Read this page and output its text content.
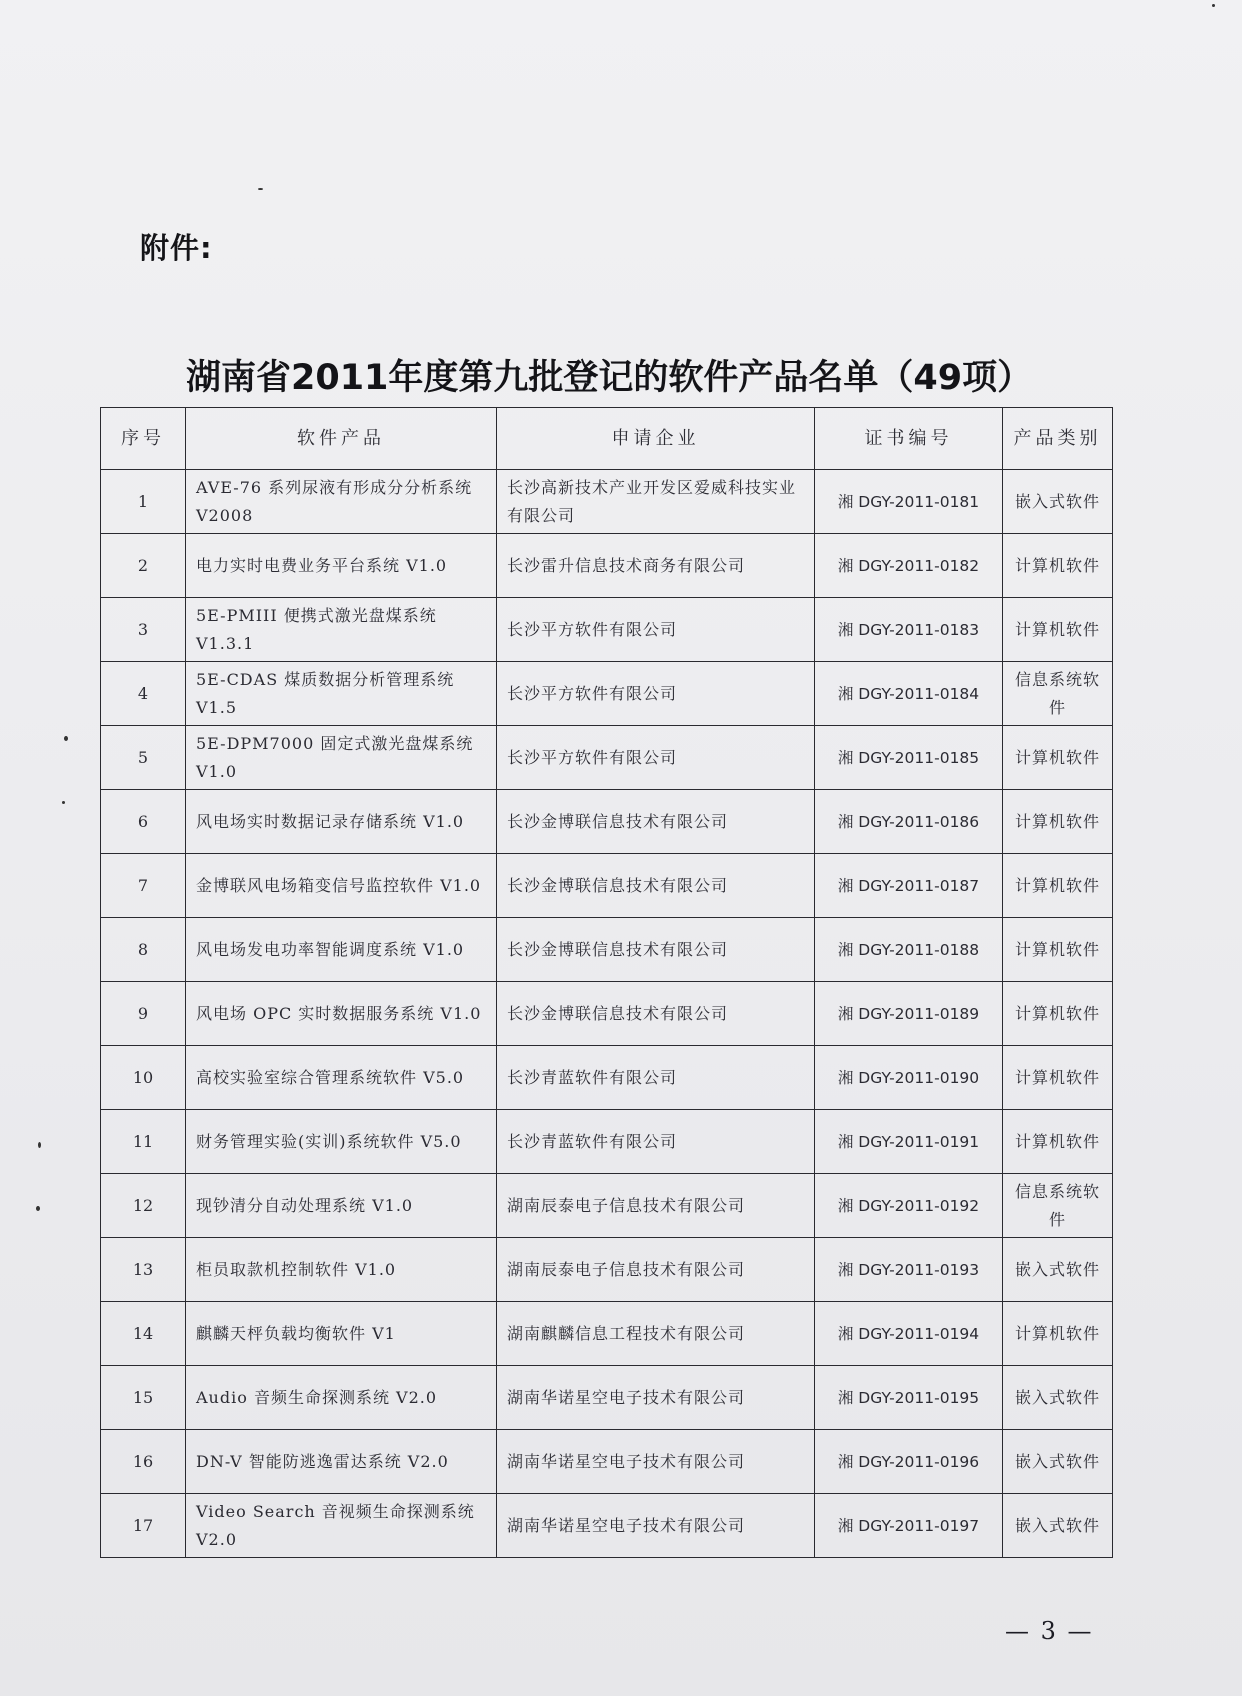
附件:
湖南省2011年度第九批登记的软件产品名单（49项）
序号	软件产品	申请企业	证书编号	产品类别
1	AVE-76 系列尿液有形成分分析系统 V2008	长沙高新技术产业开发区爱威科技实业有限公司	湘 DGY-2011-0181	嵌入式软件
2	电力实时电费业务平台系统 V1.0	长沙雷升信息技术商务有限公司	湘 DGY-2011-0182	计算机软件
3	5E-PMIII 便携式激光盘煤系统 V1.3.1	长沙平方软件有限公司	湘 DGY-2011-0183	计算机软件
4	5E-CDAS 煤质数据分析管理系统 V1.5	长沙平方软件有限公司	湘 DGY-2011-0184	信息系统软件
5	5E-DPM7000 固定式激光盘煤系统 V1.0	长沙平方软件有限公司	湘 DGY-2011-0185	计算机软件
6	风电场实时数据记录存储系统 V1.0	长沙金博联信息技术有限公司	湘 DGY-2011-0186	计算机软件
7	金博联风电场箱变信号监控软件 V1.0	长沙金博联信息技术有限公司	湘 DGY-2011-0187	计算机软件
8	风电场发电功率智能调度系统 V1.0	长沙金博联信息技术有限公司	湘 DGY-2011-0188	计算机软件
9	风电场 OPC 实时数据服务系统 V1.0	长沙金博联信息技术有限公司	湘 DGY-2011-0189	计算机软件
10	高校实验室综合管理系统软件 V5.0	长沙青蓝软件有限公司	湘 DGY-2011-0190	计算机软件
11	财务管理实验(实训)系统软件 V5.0	长沙青蓝软件有限公司	湘 DGY-2011-0191	计算机软件
12	现钞清分自动处理系统 V1.0	湖南辰泰电子信息技术有限公司	湘 DGY-2011-0192	信息系统软件
13	柜员取款机控制软件 V1.0	湖南辰泰电子信息技术有限公司	湘 DGY-2011-0193	嵌入式软件
14	麒麟天枰负载均衡软件 V1	湖南麒麟信息工程技术有限公司	湘 DGY-2011-0194	计算机软件
15	Audio 音频生命探测系统 V2.0	湖南华诺星空电子技术有限公司	湘 DGY-2011-0195	嵌入式软件
16	DN-V 智能防逃逸雷达系统 V2.0	湖南华诺星空电子技术有限公司	湘 DGY-2011-0196	嵌入式软件
17	Video Search 音视频生命探测系统 V2.0	湖南华诺星空电子技术有限公司	湘 DGY-2011-0197	嵌入式软件
— 3 —
